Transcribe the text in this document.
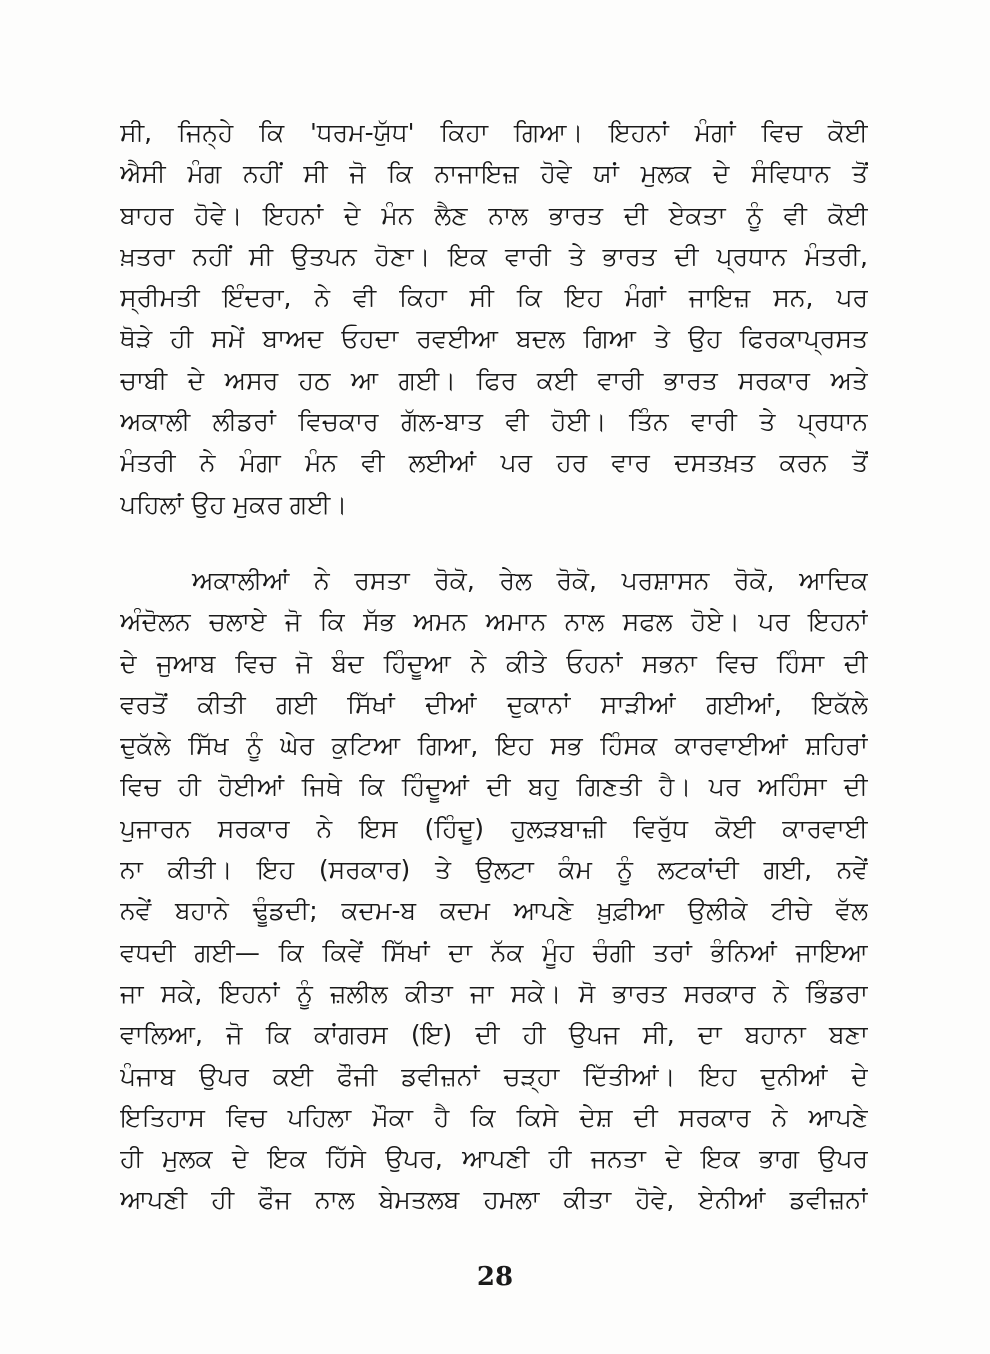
ਸੀ, ਜਿਨ੍ਹੇ ਕਿ 'ਧਰਮ-ਯੁੱਧ' ਕਿਹਾ ਗਿਆ। ਇਹਨਾਂ ਮੰਗਾਂ ਵਿਚ ਕੋਈ
ਐਸੀ ਮੰਗ ਨਹੀਂ ਸੀ ਜੋ ਕਿ ਨਾਜਾਇਜ਼ ਹੋਵੇ ਯਾਂ ਮੁਲਕ ਦੇ ਸੰਵਿਧਾਨ ਤੋਂ
ਬਾਹਰ ਹੋਵੇ। ਇਹਨਾਂ ਦੇ ਮੰਨ ਲੈਣ ਨਾਲ ਭਾਰਤ ਦੀ ਏਕਤਾ ਨੂੰ ਵੀ ਕੋਈ
ਖ਼ਤਰਾ ਨਹੀਂ ਸੀ ਉਤਪਨ ਹੋਣਾ। ਇਕ ਵਾਰੀ ਤੇ ਭਾਰਤ ਦੀ ਪ੍ਰਧਾਨ ਮੰਤਰੀ,
ਸ੍ਰੀਮਤੀ ਇੰਦਰਾ, ਨੇ ਵੀ ਕਿਹਾ ਸੀ ਕਿ ਇਹ ਮੰਗਾਂ ਜਾਇਜ਼ ਸਨ, ਪਰ
ਥੋੜੇ ਹੀ ਸਮੇਂ ਬਾਅਦ ਓਹਦਾ ਰਵਈਆ ਬਦਲ ਗਿਆ ਤੇ ਉਹ ਫਿਰਕਾਪ੍ਰਸਤ
ਚਾਬੀ ਦੇ ਅਸਰ ਹਠ ਆ ਗਈ। ਫਿਰ ਕਈ ਵਾਰੀ ਭਾਰਤ ਸਰਕਾਰ ਅਤੇ
ਅਕਾਲੀ ਲੀਡਰਾਂ ਵਿਚਕਾਰ ਗੱਲ-ਬਾਤ ਵੀ ਹੋਈ। ਤਿੰਨ ਵਾਰੀ ਤੇ ਪ੍ਰਧਾਨ
ਮੰਤਰੀ ਨੇ ਮੰਗਾ ਮੰਨ ਵੀ ਲਈਆਂ ਪਰ ਹਰ ਵਾਰ ਦਸਤਖ਼ਤ ਕਰਨ ਤੋਂ
ਪਹਿਲਾਂ ਉਹ ਮੁਕਰ ਗਈ।
ਅਕਾਲੀਆਂ ਨੇ ਰਸਤਾ ਰੋਕੋ, ਰੇਲ ਰੋਕੋ, ਪਰਸ਼ਾਸਨ ਰੋਕੋ, ਆਦਿਕ
ਅੰਦੋਲਨ ਚਲਾਏ ਜੋ ਕਿ ਸੱਭ ਅਮਨ ਅਮਾਨ ਨਾਲ ਸਫਲ ਹੋਏ। ਪਰ ਇਹਨਾਂ
ਦੇ ਜੁਆਬ ਵਿਚ ਜੋ ਬੰਦ ਹਿੰਦੂਆ ਨੇ ਕੀਤੇ ਓਹਨਾਂ ਸਭਨਾ ਵਿਚ ਹਿੰਸਾ ਦੀ
ਵਰਤੋਂ ਕੀਤੀ ਗਈ ਸਿੱਖਾਂ ਦੀਆਂ ਦੁਕਾਨਾਂ ਸਾੜੀਆਂ ਗਈਆਂ, ਇਕੱਲੇ
ਦੁਕੱਲੇ ਸਿੱਖ ਨੂੰ ਘੇਰ ਕੁਟਿਆ ਗਿਆ, ਇਹ ਸਭ ਹਿੰਸਕ ਕਾਰਵਾਈਆਂ ਸ਼ਹਿਰਾਂ
ਵਿਚ ਹੀ ਹੋਈਆਂ ਜਿਥੇ ਕਿ ਹਿੰਦੂਆਂ ਦੀ ਬਹੁ ਗਿਣਤੀ ਹੈ। ਪਰ ਅਹਿੰਸਾ ਦੀ
ਪੁਜਾਰਨ ਸਰਕਾਰ ਨੇ ਇਸ (ਹਿੰਦੂ) ਹੁਲੜਬਾਜ਼ੀ ਵਿਰੁੱਧ ਕੋਈ ਕਾਰਵਾਈ
ਨਾ ਕੀਤੀ। ਇਹ (ਸਰਕਾਰ) ਤੇ ਉਲਟਾ ਕੰਮ ਨੂੰ ਲਟਕਾਂਦੀ ਗਈ, ਨਵੇਂ
ਨਵੇਂ ਬਹਾਨੇ ਢੂੰਡਦੀ; ਕਦਮ-ਬ ਕਦਮ ਆਪਣੇ ਖ਼ੁਫ਼ੀਆ ਉਲੀਕੇ ਟੀਚੇ ਵੱਲ
ਵਧਦੀ ਗਈ— ਕਿ ਕਿਵੇਂ ਸਿੱਖਾਂ ਦਾ ਨੱਕ ਮੂੰਹ ਚੰਗੀ ਤਰਾਂ ਭੰਨਿਆਂ ਜਾਇਆ
ਜਾ ਸਕੇ, ਇਹਨਾਂ ਨੂੰ ਜ਼ਲੀਲ ਕੀਤਾ ਜਾ ਸਕੇ। ਸੋ ਭਾਰਤ ਸਰਕਾਰ ਨੇ ਭਿੰਡਰਾ
ਵਾਲਿਆ, ਜੋ ਕਿ ਕਾਂਗਰਸ (ਇ) ਦੀ ਹੀ ਉਪਜ ਸੀ, ਦਾ ਬਹਾਨਾ ਬਣਾ
ਪੰਜਾਬ ਉਪਰ ਕਈ ਫੌਜੀ ਡਵੀਜ਼ਨਾਂ ਚੜ੍ਹਾ ਦਿੱਤੀਆਂ। ਇਹ ਦੁਨੀਆਂ ਦੇ
ਇਤਿਹਾਸ ਵਿਚ ਪਹਿਲਾ ਮੌਕਾ ਹੈ ਕਿ ਕਿਸੇ ਦੇਸ਼ ਦੀ ਸਰਕਾਰ ਨੇ ਆਪਣੇ
ਹੀ ਮੁਲਕ ਦੇ ਇਕ ਹਿੱਸੇ ਉਪਰ, ਆਪਣੀ ਹੀ ਜਨਤਾ ਦੇ ਇਕ ਭਾਗ ਉਪਰ
ਆਪਣੀ ਹੀ ਫੌਜ ਨਾਲ ਬੇਮਤਲਬ ਹਮਲਾ ਕੀਤਾ ਹੋਵੇ, ਏਨੀਆਂ ਡਵੀਜ਼ਨਾਂ
28
